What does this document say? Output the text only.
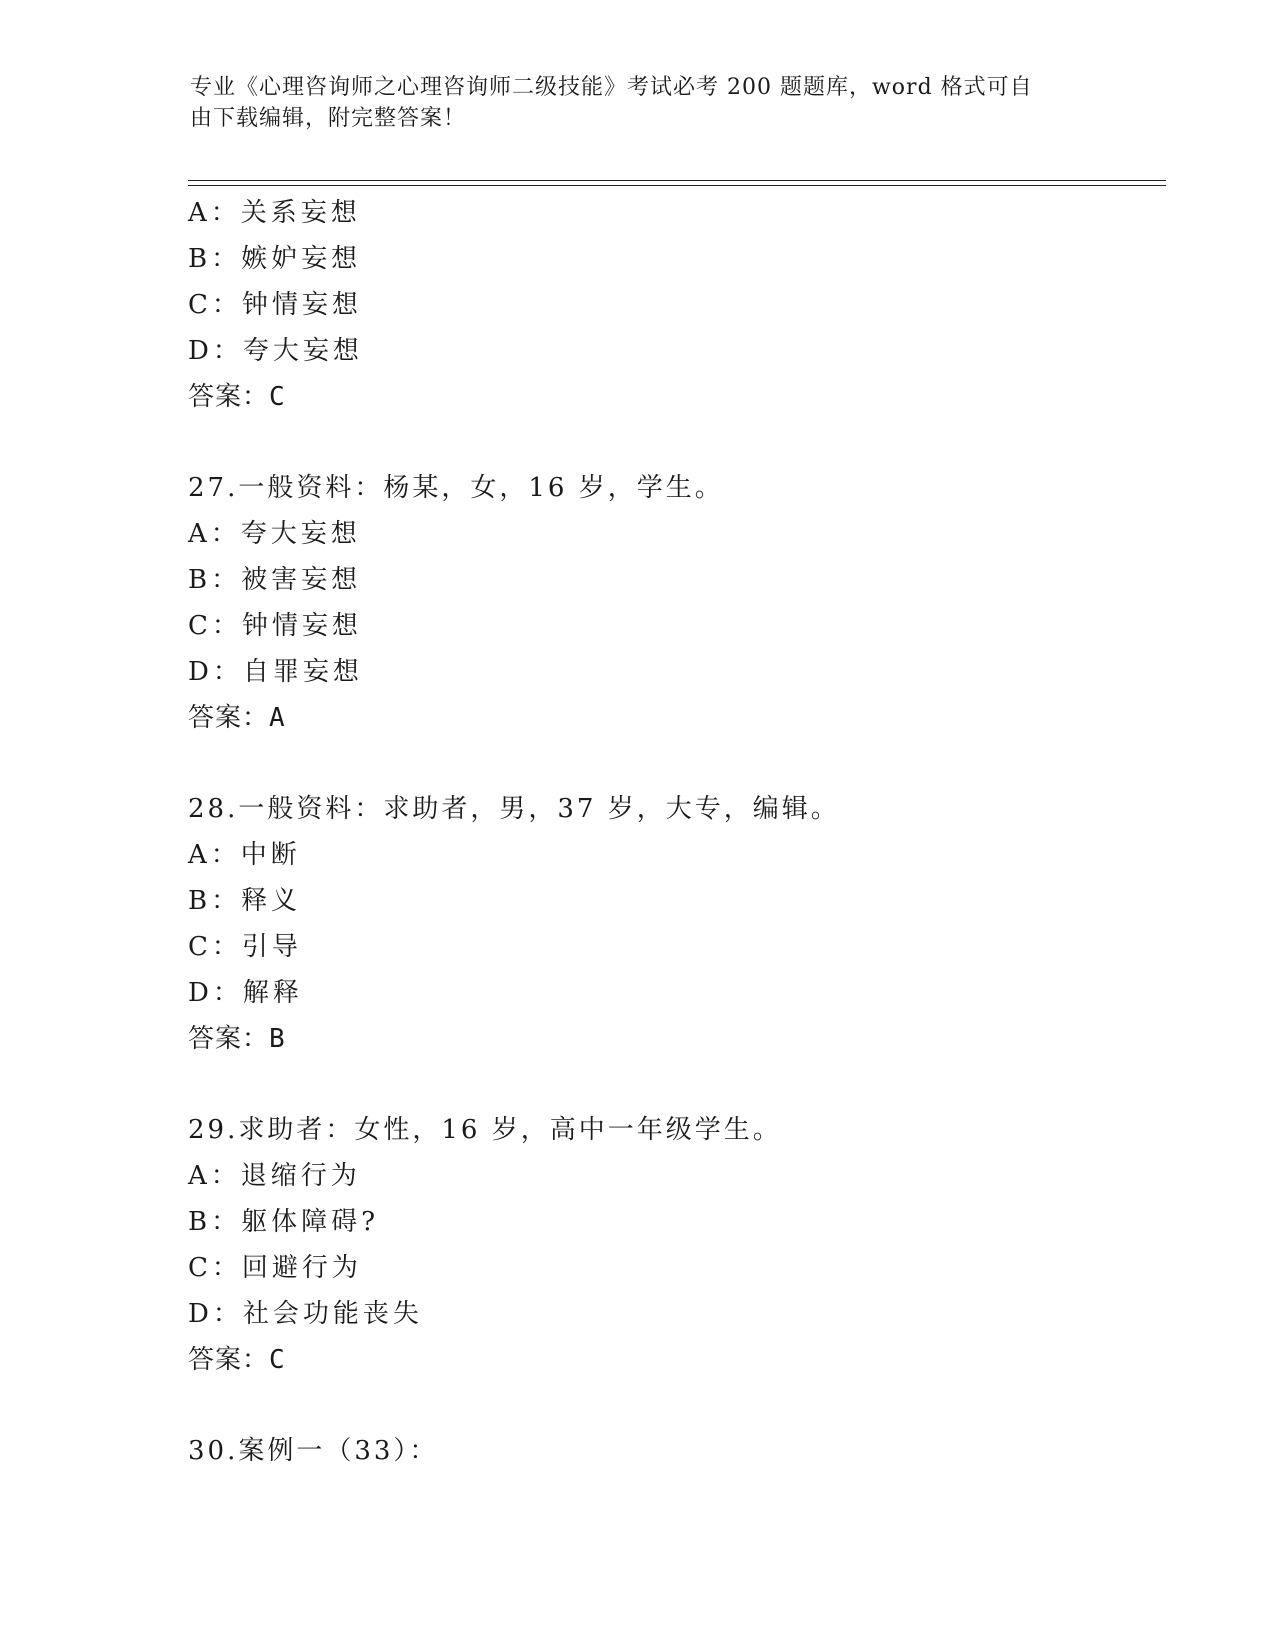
专业《心理咨询师之心理咨询师二级技能》考试必考 200 题题库，word 格式可自
由下载编辑，附完整答案！
A：关系妄想
B：嫉妒妄想
C：钟情妄想
D：夸大妄想
答案：C
27.一般资料：杨某，女，16 岁，学生。
A：夸大妄想
B：被害妄想
C：钟情妄想
D：自罪妄想
答案：A
28.一般资料：求助者，男，37 岁，大专，编辑。
A：中断
B：释义
C：引导
D：解释
答案：B
29.求助者：女性，16 岁，高中一年级学生。
A：退缩行为
B：躯体障碍?
C：回避行为
D：社会功能丧失
答案：C
30.案例一（33）：
